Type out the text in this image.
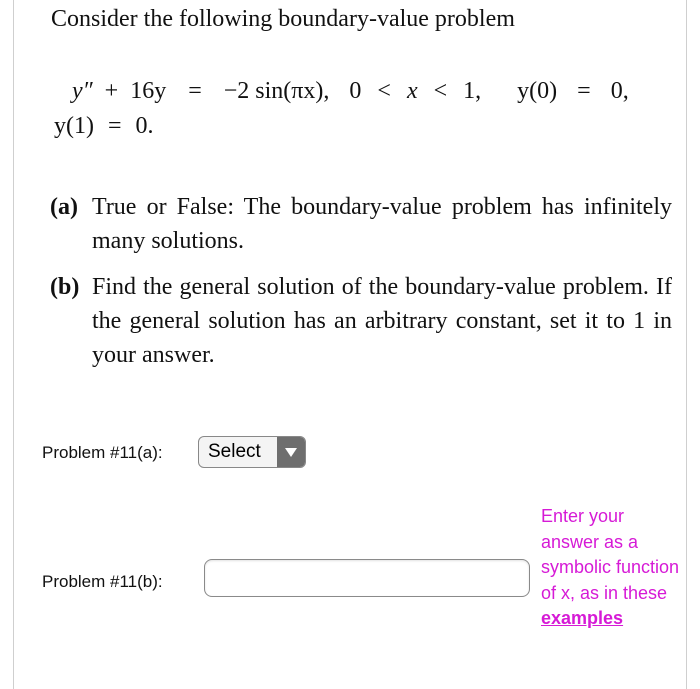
Consider the following boundary-value problem
y″ + 16y = −2 sin(πx), 0 < x < 1, y(0) = 0,
y(1) = 0.
(a) True or False: The boundary-value problem has infinitely many solutions.
(b) Find the general solution of the boundary-value problem. If the general solution has an arbitrary constant, set it to 1 in your answer.
Problem #11(a):	Select
Problem #11(b):
Enter your answer as a symbolic function of x, as in these examples
